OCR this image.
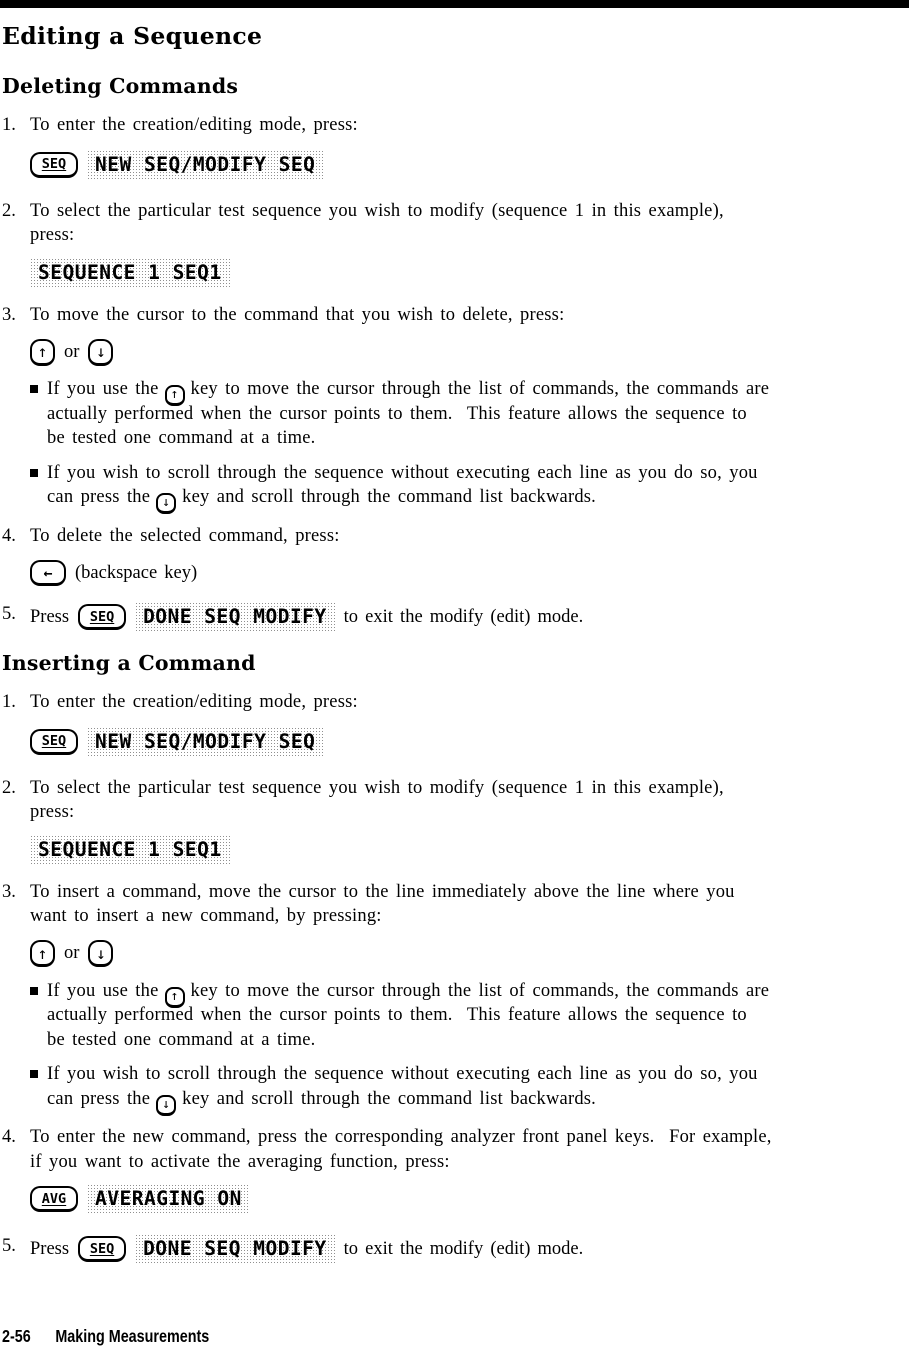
Editing a Sequence
Deleting Commands
1. To enter the creation/editing mode, press:
SEQ	NEW SEQ/MODIFY SEQ
2. To select the particular test sequence you wish to modify (sequence 1 in this example),
press:
SEQUENCE 1 SEQ1
3. To move the cursor to the command that you wish to delete, press:
↑ or ↓
If you use the ↑ key to move the cursor through the list of commands, the commands are
actually performed when the cursor points to them.  This feature allows the sequence to
be tested one command at a time.
If you wish to scroll through the sequence without executing each line as you do so, you
can press the ↓ key and scroll through the command list backwards.
4. To delete the selected command, press:
← (backspace key)
5. Press SEQ	DONE SEQ MODIFY to exit the modify (edit) mode.
Inserting a Command
1. To enter the creation/editing mode, press:
SEQ	NEW SEQ/MODIFY SEQ
2. To select the particular test sequence you wish to modify (sequence 1 in this example),
press:
SEQUENCE 1 SEQ1
3. To insert a command, move the cursor to the line immediately above the line where you
want to insert a new command, by pressing:
↑ or ↓
If you use the ↑ key to move the cursor through the list of commands, the commands are
actually performed when the cursor points to them.  This feature allows the sequence to
be tested one command at a time.
If you wish to scroll through the sequence without executing each line as you do so, you
can press the ↓ key and scroll through the command list backwards.
4. To enter the new command, press the corresponding analyzer front panel keys.  For example,
if you want to activate the averaging function, press:
AVG	AVERAGING ON
5. Press SEQ	DONE SEQ MODIFY to exit the modify (edit) mode.
2-56 Making Measurements
